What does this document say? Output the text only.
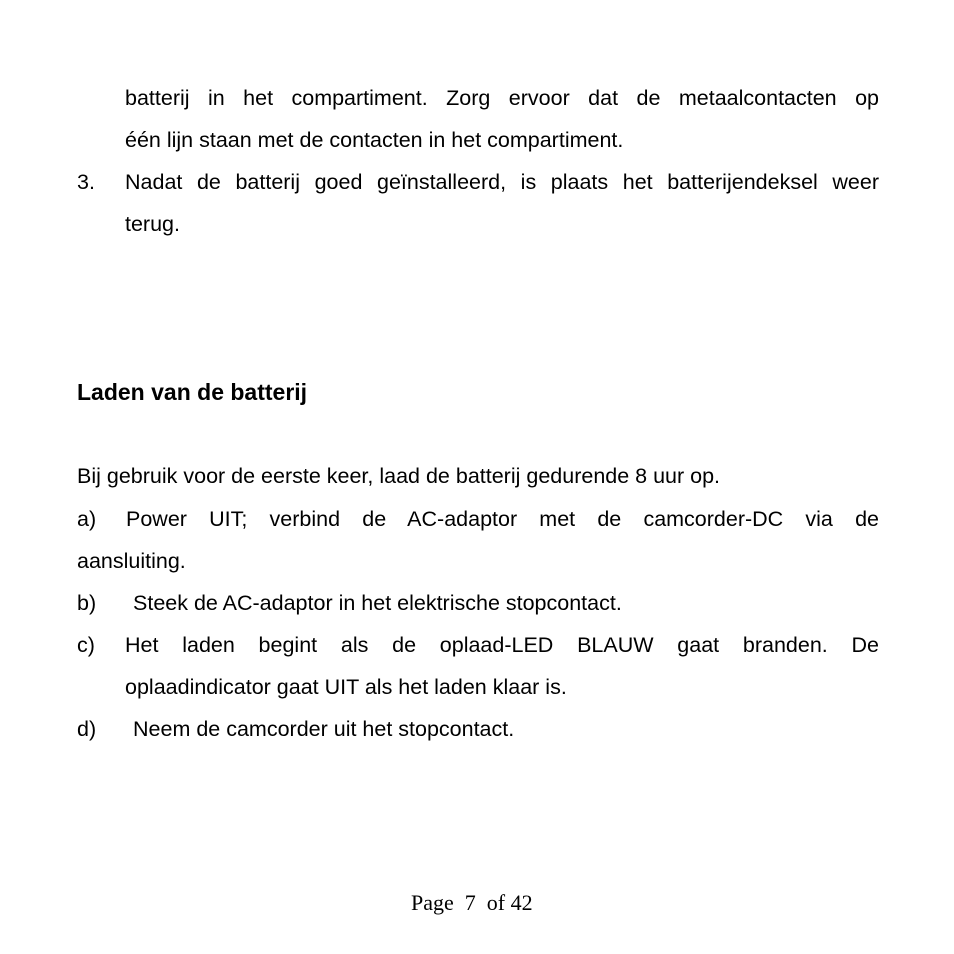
batterij in het compartiment. Zorg ervoor dat de metaalcontacten op
één lijn staan met de contacten in het compartiment.
3. Nadat de batterij goed geïnstalleerd, is plaats het batterijendeksel weer
terug.
Laden van de batterij
Bij gebruik voor de eerste keer, laad de batterij gedurende 8 uur op.
a) Power UIT; verbind de AC-adaptor met de camcorder-DC via de
aansluiting.
b) Steek de AC-adaptor in het elektrische stopcontact.
c) Het laden begint als de oplaad-LED BLAUW gaat branden. De
oplaadindicator gaat UIT als het laden klaar is.
d) Neem de camcorder uit het stopcontact.
Page  7  of 42
